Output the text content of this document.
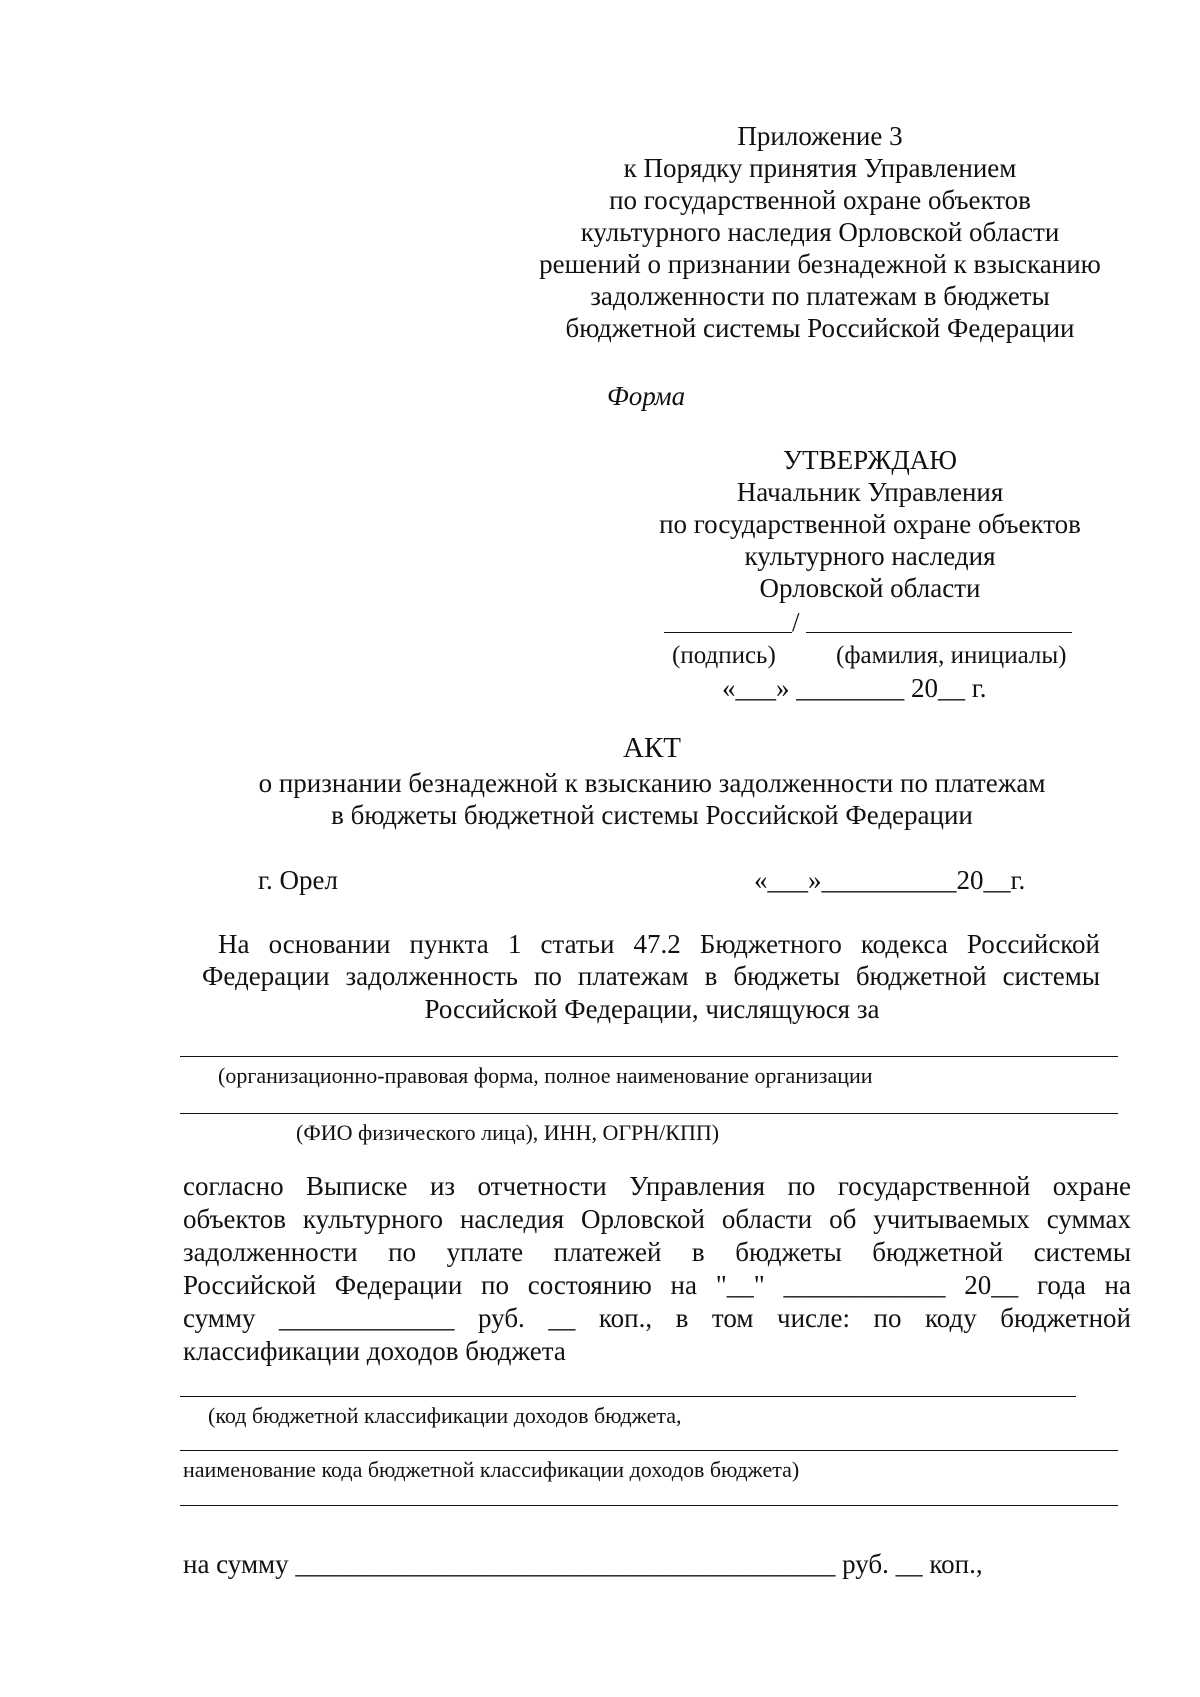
Приложение 3
к Порядку принятия Управлением
по государственной охране объектов
культурного наследия Орловской области
решений о признании безнадежной к взысканию
задолженности по платежам в бюджеты
бюджетной системы Российской Федерации
Форма
УТВЕРЖДАЮ
Начальник Управления
по государственной охране объектов
культурного наследия
Орловской области
/
(подпись) (фамилия, инициалы)
«___» ________ 20__ г.
АКТ
о признании безнадежной к взысканию задолженности по платежам
в бюджеты бюджетной системы Российской Федерации
г. Орел	«___»__________20__г.
На основании пункта 1 статьи 47.2 Бюджетного кодекса Российской
Федерации задолженность по платежам в бюджеты бюджетной системы
Российской Федерации, числящуюся за
(организационно-правовая форма, полное наименование организации
(ФИО физического лица), ИНН, ОГРН/КПП)
согласно Выписке из отчетности Управления по государственной охране
объектов культурного наследия Орловской области об учитываемых суммах
задолженности по уплате платежей в бюджеты бюджетной системы
Российской Федерации по состоянию на "__" ____________ 20__ года на
сумму _____________ руб. __ коп., в том числе: по коду бюджетной
классификации доходов бюджета
(код бюджетной классификации доходов бюджета,
наименование кода бюджетной классификации доходов бюджета)
на сумму ________________________________________ руб. __ коп.,
